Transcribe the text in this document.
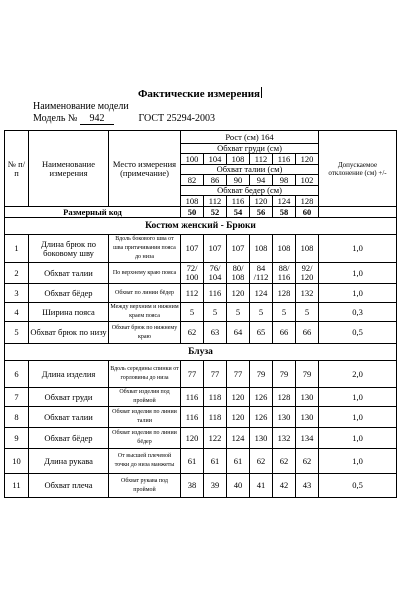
Фактические измерения
Наименование модели
Модель № 942	ГОСТ 25294-2003
№ п/п	Наименование измерения	Место измерения (примечание)	Рост (см) 164						Допускаемое отклонение (см) +/-
			Обхват груди (см)						
			100	104	108	112	116	120	
			Обхват талии (см)						
			82	86	90	94	98	102	
			Обхват бедер (см)						
			108	112	116	120	124	128	
Размерный код			50	52	54	56	58	60	
Костюм женский - Брюки									
1	Длина брюк по боковому шву	Вдоль бокового шва от шва притачивания пояса до низа	107	107	107	108	108	108	1,0
2	Обхват талии	По верхнему краю пояса	72/ 100	76/ 104	80/ 108	84 /112	88/ 116	92/ 120	1,0
3	Обхват бёдер	Обхват по линии бёдер	112	116	120	124	128	132	1,0
4	Ширина пояса	Между верхним и нижним краем пояса	5	5	5	5	5	5	0,3
5	Обхват брюк по низу	Обхват брюк по нижнему краю	62	63	64	65	66	66	0,5
Блуза									
6	Длина изделия	Вдоль середины спинки от горловины до низа	77	77	77	79	79	79	2,0
7	Обхват груди	Обхват изделия под проймой	116	118	120	126	128	130	1,0
8	Обхват талии	Обхват изделия по линии талии	116	118	120	126	130	130	1,0
9	Обхват бёдер	Обхват изделия по линии бёдер	120	122	124	130	132	134	1,0
10	Длина рукава	От высшей плечевой точки до низа манжеты	61	61	61	62	62	62	1,0
11	Обхват плеча	Обхват рукава под проймой	38	39	40	41	42	43	0,5
